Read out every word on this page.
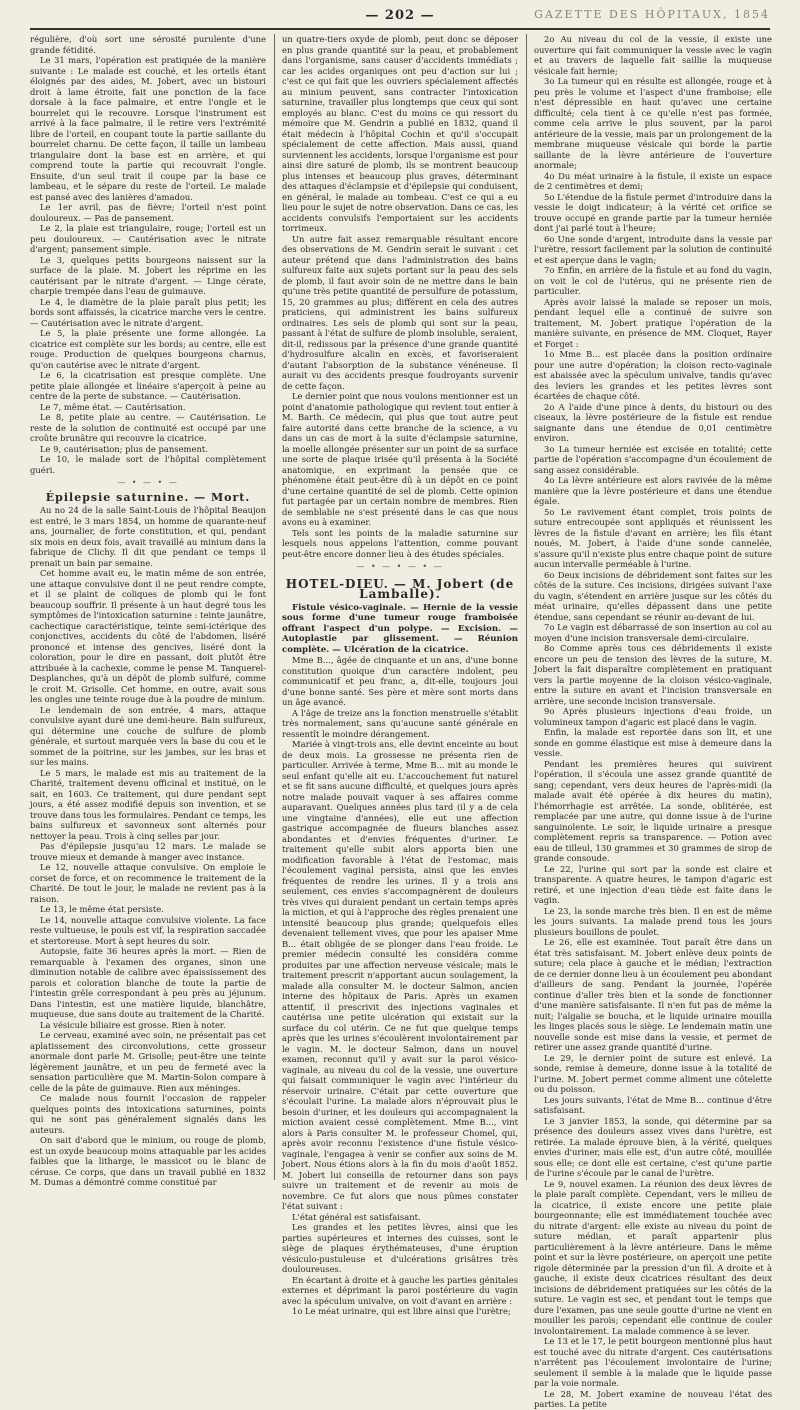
— 202 —	GAZETTE DES HÔPITAUX, 1854

régulière, d'où sort une sérosité purulente d'une grande fétidité.

Le 31 mars, l'opération est pratiquée de la manière suivante : Le malade est couché, et les orteils étant éloignés par des aides, M. Jobert, avec un bistouri droit à lame étroite, fait une ponction de la face dorsale à la face palmaire, et entre l'ongle et le bourrelet qui le recouvre. Lorsque l'instrument est arrivé à la face palmaire, il le retire vers l'extrémité libre de l'orteil, en coupant toute la partie saillante du bourrelet charnu. De cette façon, il taille un lambeau triangulaire dont la base est en arrière, et qui comprend toute la partie qui recouvrait l'ongle. Ensuite, d'un seul trait il coupe par la base ce lambeau, et le sépare du reste de l'orteil. Le malade est pansé avec des lanières d'amadou.

Le 1er avril, pas de fièvre; l'orteil n'est point douloureux. — Pas de pansement.

Le 2, la plaie est triangulaire, rouge; l'orteil est un peu douloureux. — Cautérisation avec le nitrate d'argent; pansement simple.

Le 3, quelques petits bourgeons naissent sur la surface de la plaie. M. Jobert les réprime en les cautérisant par le nitrate d'argent. — Linge cérate, charpie trempée dans l'eau de guimauve.

Le 4, le diamètre de la plaie paraît plus petit; les bords sont affaissés, la cicatrice marche vers le centre. — Cautérisation avec le nitrate d'argent.

Le 5, la plaie présente une forme allongée. La cicatrice est complète sur les bords; au centre, elle est rouge. Production de quelques bourgeons charnus, qu'on cautérise avec le nitrate d'argent.

Le 6, la cicatrisation est presque complète. Une petite plaie allongée et linéaire s'aperçoit à peine au centre de la perte de substance. — Cautérisation.

Le 7, même état. — Cautérisation.

Le 8, petite plaie au centre. — Cautérisation. Le reste de la solution de continuité est occupé par une croûte brunâtre qui recouvre la cicatrice.

Le 9, cautérisation; plus de pansement.

Le 10, le malade sort de l'hôpital complètement guéri.

— • — • —
Épilepsie saturnine. — Mort.

Au no 24 de la salle Saint-Louis de l'hôpital Beaujon est entré, le 3 mars 1854, un homme de quarante-neuf ans, journalier, de forte constitution, et qui, pendant six mois en deux fois, avait travaillé au minium dans la fabrique de Clichy. Il dit que pendant ce temps il prenait un bain par semaine.

Cet homme avait eu, le matin même de son entrée, une attaque convulsive dont il ne peut rendre compte, et il se plaint de coliques de plomb qui le font beaucoup souffrir. Il présente à un haut degré tous les symptômes de l'intoxication saturnine : teinte jaunâtre, cachectique caractéristique, teinte semi-ictérique des conjonctives, accidents du côté de l'abdomen, liséré prononcé et intense des gencives, liséré dont la coloration, pour le dire en passant, doit plutôt être attribuée à la cachexie, comme le pense M. Tanquerel-Desplanches, qu'à un dépôt de plomb sulfuré, comme le croit M. Grisolle. Cet homme, en outre, avait sous les ongles une teinte rouge due à la poudre de minium.

Le lendemain de son entrée, 4 mars, attaque convulsive ayant duré une demi-heure. Bain sulfureux, qui détermine une couche de sulfure de plomb générale, et surtout marquée vers la base du cou et le sommet de la poitrine, sur les jambes, sur les bras et sur les mains.

Le 5 mars, le malade est mis au traitement de la Charité, traitement devenu officinal et institué, on le sait, en 1603. Ce traitement, qui dure pendant sept jours, a été assez modifié depuis son invention, et se trouve dans tous les formulaires. Pendant ce temps, les bains sulfureux et savonneux sont alternés pour nettoyer la peau. Trois à cinq selles par jour.

Pas d'épilepsie jusqu'au 12 mars. Le malade se trouve mieux et demande à manger avec instance.

Le 12, nouvelle attaque convulsive. On emploie le corset de force, et on recommence le traitement de la Charité. De tout le jour, le malade ne revient pas à la raison.

Le 13, le même état persiste.

Le 14, nouvelle attaque convulsive violente. La face reste vultueuse, le pouls est vif, la respiration saccadée et stertoreuse. Mort à sept heures du soir.

Autopsie, faite 36 heures après la mort. — Rien de remarquable à l'examen des organes, sinon une diminution notable de calibre avec épaississement des parois et coloration blanche de toute la partie de l'intestin grêle correspondant à peu près au jéjunum. Dans l'intestin, est une matière liquide, blanchâtre, muqueuse, due sans doute au traitement de la Charité.

La vésicule biliaire est grosse. Rien à noter.

Le cerveau, examiné avec soin, ne présentait pas cet aplatissement des circonvolutions, cette grosseur anormale dont parle M. Grisolle; peut-être une teinte légèrement jaunâtre, et un peu de fermeté avec la sensation particulière que M. Martin-Solon compare à celle de la pâte de guimauve. Rien aux méninges.

Ce malade nous fournit l'occasion de rappeler quelques points des intoxications saturnines, points qui ne sont pas généralement signalés dans les auteurs.

On sait d'abord que le minium, ou rouge de plomb, est un oxyde beaucoup moins attaquable par les acides faibles que la litharge, le massicot ou le blanc de céruse. Ce corps, que dans un travail publié en 1832 M. Dumas a démontré comme constitué par

un quatre-tiers oxyde de plomb, peut donc se déposer en plus grande quantité sur la peau, et probablement dans l'organisme, sans causer d'accidents immédiats ; car les acides organiques ont peu d'action sur lui ; c'est ce qui fait que les ouvriers spécialement affectés au minium peuvent, sans contracter l'intoxication saturnine, travailler plus longtemps que ceux qui sont employés au blanc. C'est du moins ce qui ressort du mémoire que M. Gendrin a publié en 1832, quand il était médecin à l'hôpital Cochin et qu'il s'occupait spécialement de cette affection. Mais aussi, quand surviennent les accidents, lorsque l'organisme est pour ainsi dire saturé de plomb, ils se montrent beaucoup plus intenses et beaucoup plus graves, déterminant des attaques d'éclampsie et d'épilepsie qui conduisent, en général, le malade au tombeau. C'est ce qui a eu lieu pour le sujet de notre observation. Dans ce cas, les accidents convulsifs l'emportaient sur les accidents torrimeux.

Un autre fait assez remarquable résultant encore des observations de M. Gendrin serait le suivant : cet auteur prétend que dans l'administration des bains sulfureux faite aux sujets portant sur la peau des sels de plomb, il faut avoir soin de ne mettre dans le bain qu'une très petite quantité de persulfure de potassium, 15, 20 grammes au plus; différent en cela des autres praticiens, qui administrent les bains sulfureux ordinaires. Les sels de plomb qui sont sur la peau, passant à l'état de sulfure de plomb insoluble, seraient, dit-il, redissous par la présence d'une grande quantité d'hydrosulfure alcalin en excès, et favoriseraient d'autant l'absorption de la substance vénéneuse. Il aurait vu des accidents presque foudroyants survenir de cette façon.

Le dernier point que nous voulons mentionner est un point d'anatomie pathologique qui revient tout entier à M. Barth. Ce médecin, qui plus que tout autre peut faire autorité dans cette branche de la science, a vu dans un cas de mort à la suite d'éclampsie saturnine, la moelle allongée présenter sur un point de sa surface une sorte de plaque irisée qu'il présenta à la Société anatomique, en exprimant la pensée que ce phénomène était peut-être dû à un dépôt en ce point d'une certaine quantité de sel de plomb. Cette opinion fut partagée par un certain nombre de membres. Rien de semblable ne s'est présenté dans le cas que nous avons eu à examiner.

Tels sont les points de la maladie saturnine sur lesquels nous appelons l'attention, comme pouvant peut-être encore donner lieu à des études spéciales.

— • — • — • —
HOTEL-DIEU. — M. Jobert (de Lamballe).

Fistule vésico-vaginale. — Hernie de la vessie sous forme d'une tumeur rouge framboisée offrant l'aspect d'un polype. — Excision. — Autoplastie par glissement. — Réunion complète. — Ulcération de la cicatrice.

Mme B..., âgée de cinquante et un ans, d'une bonne constitution quoique d'un caractère indolent, peu communicatif et peu franc, a, dit-elle, toujours joui d'une bonne santé. Ses père et mère sont morts dans un âge avancé.

A l'âge de treize ans la fonction menstruelle s'établit très normalement, sans qu'aucune santé générale en ressentît le moindre dérangement.

Mariée à vingt-trois ans, elle devint enceinte au bout de deux mois. La grossesse ne présenta rien de particulier. Arrivée à terme, Mme B... mit au monde le seul enfant qu'elle ait eu. L'accouchement fut naturel et se fit sans aucune difficulté, et quelques jours après notre malade pouvait vaquer à ses affaires comme auparavant. Quelques années plus tard (il y a de cela une vingtaine d'années), elle eut une affection gastrique accompagnée de flueurs blanches assez abondantes et d'envies fréquentes d'uriner. Le traitement qu'elle subit alors apporta bien une modification favorable à l'état de l'estomac, mais l'écoulement vaginal persista, ainsi que les envies fréquentes de rendre les urines. Il y a trois ans seulement, ces envies s'accompagnèrent de douleurs très vives qui duraient pendant un certain temps après la miction, et qui à l'approche des règles prenaient une intensité beaucoup plus grande; quelquefois elles devenaient tellement vives, que pour les apaiser Mme B... était obligée de se plonger dans l'eau froide. Le premier médecin consulté les considéra comme produites par une affection nerveuse vésicale; mais le traitement prescrit n'apportant aucun soulagement, la malade alla consulter M. le docteur Salmon, ancien interne des hôpitaux de Paris. Après un examen attentif, il prescrivit des injections vaginales et cautérisa une petite ulcération qui existait sur la surface du col utérin. Ce ne fut que quelque temps après que les urines s'écoulèrent involontairement par le vagin. M. le docteur Salmon, dans un nouvel examen, reconnut qu'il y avait sur la paroi vésico-vaginale, au niveau du col de la vessie, une ouverture qui faisait communiquer le vagin avec l'intérieur du réservoir urinaire. C'était par cette ouverture que s'écoulait l'urine. La malade alors n'éprouvait plus le besoin d'uriner, et les douleurs qui accompagnaient la miction avaient cessé complètement. Mme B..., vint alors à Paris consulter M. le professeur Chomel, qui, après avoir reconnu l'existence d'une fistule vésico-vaginale, l'engagea à venir se confier aux soins de M. Jobert. Nous étions alors à la fin du mois d'août 1852. M. Jobert lui conseilla de retourner dans son pays suivre un traitement et de revenir au mois de novembre. Ce fut alors que nous pûmes constater l'état suivant :

L'état général est satisfaisant.

Les grandes et les petites lèvres, ainsi que les parties supérieures et internes des cuisses, sont le siège de plaques érythémateuses, d'une éruption vésiculo-pustuleuse et d'ulcérations grisâtres très douloureuses.

En écartant à droite et à gauche les parties génitales externes et déprimant la paroi postérieure du vagin avec la spéculum univalve, on voit d'avant en arrière :

1o Le méat urinaire, qui est libre ainsi que l'urètre;

2o Au niveau du col de la vessie, il existe une ouverture qui fait communiquer la vessie avec le vagin et au travers de laquelle fait saillie la muqueuse vésicale fait hernie;

3o La tumeur qui en résulte est allongée, rouge et à peu près le volume et l'aspect d'une framboise; elle n'est dépressible en haut qu'avec une certaine difficulté; cela tient à ce qu'elle n'est pas formée, comme cela arrive le plus souvent, par la paroi antérieure de la vessie, mais par un prolongement de la membrane muqueuse vésicale qui borde la partie saillante de la lèvre antérieure de l'ouverture anormale;

4o Du méat urinaire à la fistule, il existe un espace de 2 centimètres et demi;

5o L'étendue de la fistule permet d'introduire dans la vessie le doigt indicateur; à la vérité cet orifice se trouve occupé en grande partie par la tumeur herniée dont j'ai parlé tout à l'heure;

6o Une sonde d'argent, introduite dans la vessie par l'urètre, ressort facilement par la solution de continuité et est aperçue dans le vagin;

7o Enfin, en arrière de la fistule et au fond du vagin, on voit le col de l'utérus, qui ne présente rien de particulier.

Après avoir laissé la malade se reposer un mois, pendant lequel elle a continué de suivre son traitement, M. Jobert pratique l'opération de la manière suivante, en présence de MM. Cloquet, Rayer et Forget :

1o Mme B... est placée dans la position ordinaire pour une autre d'opération; la cloison recto-vaginale est abaissée avec la spéculum univalve, tandis qu'avec des leviers les grandes et les petites lèvres sont écartées de chaque côté.

2o A l'aide d'une pince à dents, du bistouri ou des ciseaux, la lèvre postérieure de la fistule est rendue saignante dans une étendue de 0,01 centimètre environ.

3o La tumeur herniée est excisée en totalité; cette partie de l'opération s'accompagne d'un écoulement de sang assez considérable.

4o La lèvre antérieure est alors ravivée de la même manière que la lèvre postérieure et dans une étendue égale.

5o Le ravivement étant complet, trois points de suture entrecoupée sont appliqués et réunissent les lèvres de la fistule d'avant en arrière; les fils étant noués, M. Jobert, à l'aide d'une sonde cannelée, s'assure qu'il n'existe plus entre chaque point de suture aucun intervalle perméable à l'urine.

6o Deux incisions de débridement sont faites sur les côtés de la suture. Ces incisions, dirigées suivant l'axe du vagin, s'étendent en arrière jusque sur les côtés du méat urinaire, qu'elles dépassent dans une petite étendue, sans cependant se réunir au-devant de lui.

7o Le vagin est débarrassé de son insertion au col au moyen d'une incision transversale demi-circulaire.

8o Comme après tous ces débridements il existe encore un peu de tension des lèvres de la suture, M. Jobert la fait disparaître complètement en pratiquant vers la partie moyenne de la cloison vésico-vaginale, entre la suture en avant et l'incision transversale en arrière, une seconde incision transversale.

9o Après plusieurs injections d'eau froide, un volumineux tampon d'agaric est placé dans le vagin.

Enfin, la malade est reportée dans son lit, et une sonde en gomme élastique est mise à demeure dans la vessie.

Pendant les premières heures qui suivirent l'opération, il s'écoula une assez grande quantité de sang; cependant, vers deux heures de l'après-midi (la malade avait été opérée à dix heures du matin), l'hémorrhagie est arrêtée. La sonde, oblitérée, est remplacée par une autre, qui donne issue à de l'urine sanguinolente. Le soir, le liquide urinaire a presque complètement repris sa transparence. — Potion avec eau de tilleul, 130 grammes et 30 grammes de sirop de grande consoude.

Le 22, l'urine qui sort par la sonde est claire et transparente. A quatre heures, le tampon d'agaric est retiré, et une injection d'eau tiède est faite dans le vagin.

Le 23, la sonde marche très bien. Il en est de même les jours suivants. La malade prend tous les jours plusieurs bouillons de poulet.

Le 26, elle est examinée. Tout paraît être dans un état très satisfaisant. M. Jobert enlève deux points de suture; cela place à gauche et le médian; l'extraction de ce dernier donne lieu à un écoulement peu abondant d'ailleurs de sang. Pendant la journée, l'opérée continue d'aller très bien et la sonde de fonctionner d'une manière satisfaisante. Il n'en fut pas de même la nuit; l'algalie se boucha, et le liquide urinaire mouilla les linges placés sous le siège. Le lendemain matin une nouvelle sonde est mise dans la vessie, et permet de retirer une assez grande quantité d'urine.

Le 29, le dernier point de suture est enlevé. La sonde, remise à demeure, donne issue à la totalité de l'urine. M. Jobert permet comme aliment une côtelette ou du poisson.

Les jours suivants, l'état de Mme B... continue d'être satisfaisant.

Le 3 janvier 1853, la sonde, qui détermine par sa présence des douleurs assez vives dans l'urètre, est retirée. La malade éprouve bien, à la vérité, quelques envies d'uriner, mais elle est, d'un autre côté, mouillée sous elle; ce dont elle est certaine, c'est qu'une partie de l'urine s'écoule par le canal de l'urètre.

Le 9, nouvel examen. La réunion des deux lèvres de la plaie paraît complète. Cependant, vers le milieu de la cicatrice, il existe encore une petite plaie bourgeonnante; elle est immédiatement touchée avec du nitrate d'argent: elle existe au niveau du point de suture médian, et paraît appartenir plus particulièrement à la lèvre antérieure. Dans le même point et sur la lèvre postérieure, on aperçoit une petite rigole déterminée par la pression d'un fil. A droite et à gauche, il existe deux cicatrices résultant des deux incisions de débridement pratiquées sur les côtés de la suture. Le vagin est sec, et pendant tout le temps que dure l'examen, pas une seule goutte d'urine ne vient en mouiller les parois; cependant elle continue de couler involontairement. La malade commence à se lever.

Le 13 et le 17, le petit bourgeon mentionné plus haut est touché avec du nitrate d'argent. Ces cautérisations n'arrêtent pas l'écoulement involontaire de l'urine; seulement il semble à la malade que le liquide passe par la voie normale.

Le 28, M. Jobert examine de nouveau l'état des parties. La petite
